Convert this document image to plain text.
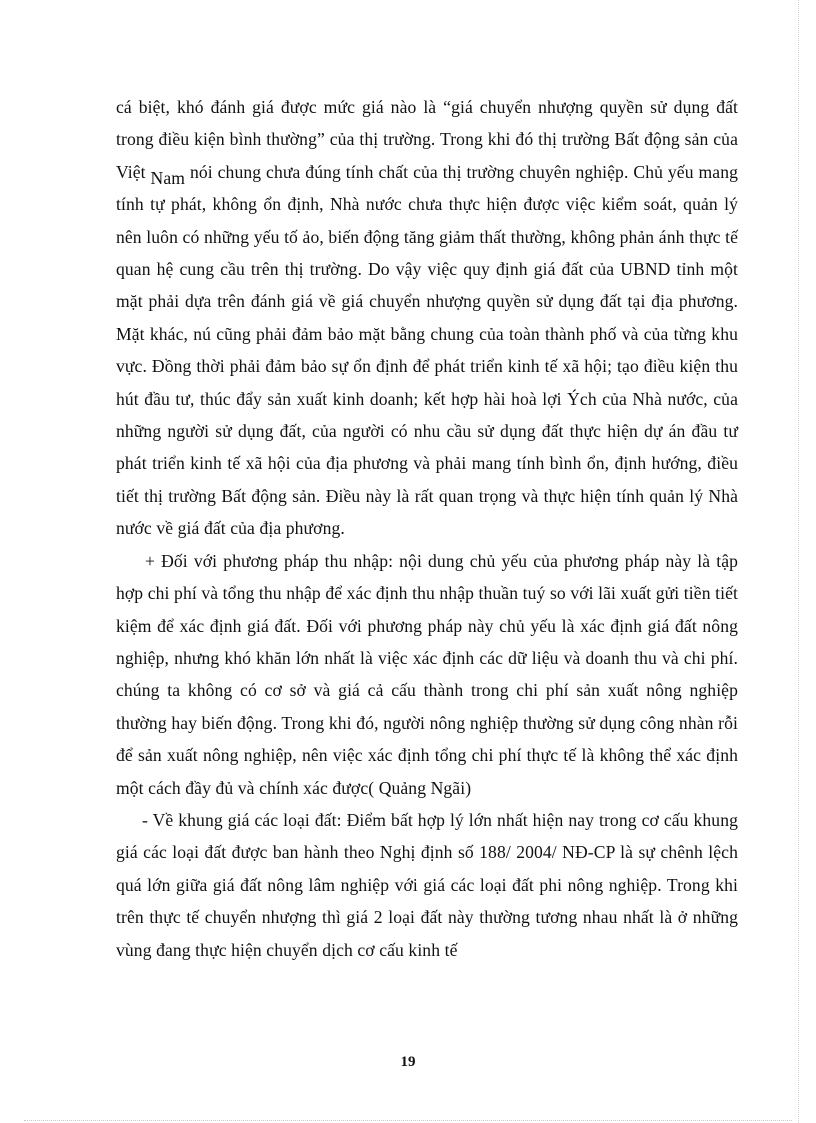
cá biệt, khó đánh giá được mức giá nào là “giá chuyển nhượng quyền sử dụng đất trong điều kiện bình thường” của thị trường. Trong khi đó thị trường Bất động sản của Việt Nam nói chung chưa đúng tính chất của thị trường chuyên nghiệp. Chủ yếu mang tính tự phát, không ổn định, Nhà nước chưa thực hiện được việc kiểm soát, quản lý nên luôn có những yếu tố ảo, biến động tăng giảm thất thường, không phản ánh thực tế quan hệ cung cầu trên thị trường. Do vậy việc quy định giá đất của UBND tỉnh một mặt phải dựa trên đánh giá về giá chuyển nhượng quyền sử dụng đất tại địa phương. Mặt khác, nú cũng phải đảm bảo mặt bằng chung của toàn thành phố và của từng khu vực. Đồng thời phải đảm bảo sự ổn định để phát triển kinh tế xã hội; tạo điều kiện thu hút đầu tư, thúc đẩy sản xuất kinh doanh; kết hợp hài hoà lợi Ých của Nhà nước, của những người sử dụng đất, của người có nhu cầu sử dụng đất thực hiện dự án đầu tư phát triển kinh tế xã hội của địa phương và phải mang tính bình ổn, định hướng, điều tiết thị trường Bất động sản. Điều này là rất quan trọng và thực hiện tính quản lý Nhà nước về giá đất của địa phương.

+ Đối với phương pháp thu nhập: nội dung chủ yếu của phương pháp này là tập hợp chi phí và tổng thu nhập để xác định thu nhập thuần tuý so với lãi xuất gửi tiền tiết kiệm để xác định giá đất. Đối với phương pháp này chủ yếu là xác định giá đất nông nghiệp, nhưng khó khăn lớn nhất là việc xác định các dữ liệu và doanh thu và chi phí. chúng ta không có cơ sở và giá cả cấu thành trong chi phí sản xuất nông nghiệp thường hay biến động. Trong khi đó, người nông nghiệp thường sử dụng công nhàn rỗi để sản xuất nông nghiệp, nên việc xác định tổng chi phí thực tế là không thể xác định một cách đầy đủ và chính xác được( Quảng Ngãi)

- Về khung giá các loại đất: Điểm bất hợp lý lớn nhất hiện nay trong cơ cấu khung giá các loại đất được ban hành theo Nghị định số 188/ 2004/ NĐ-CP là sự chênh lệch quá lớn giữa giá đất nông lâm nghiệp với giá các loại đất phi nông nghiệp. Trong khi trên thực tế chuyển nhượng thì giá 2 loại đất này thường tương nhau nhất là ở những vùng đang thực hiện chuyển dịch cơ cấu kinh tế

19
